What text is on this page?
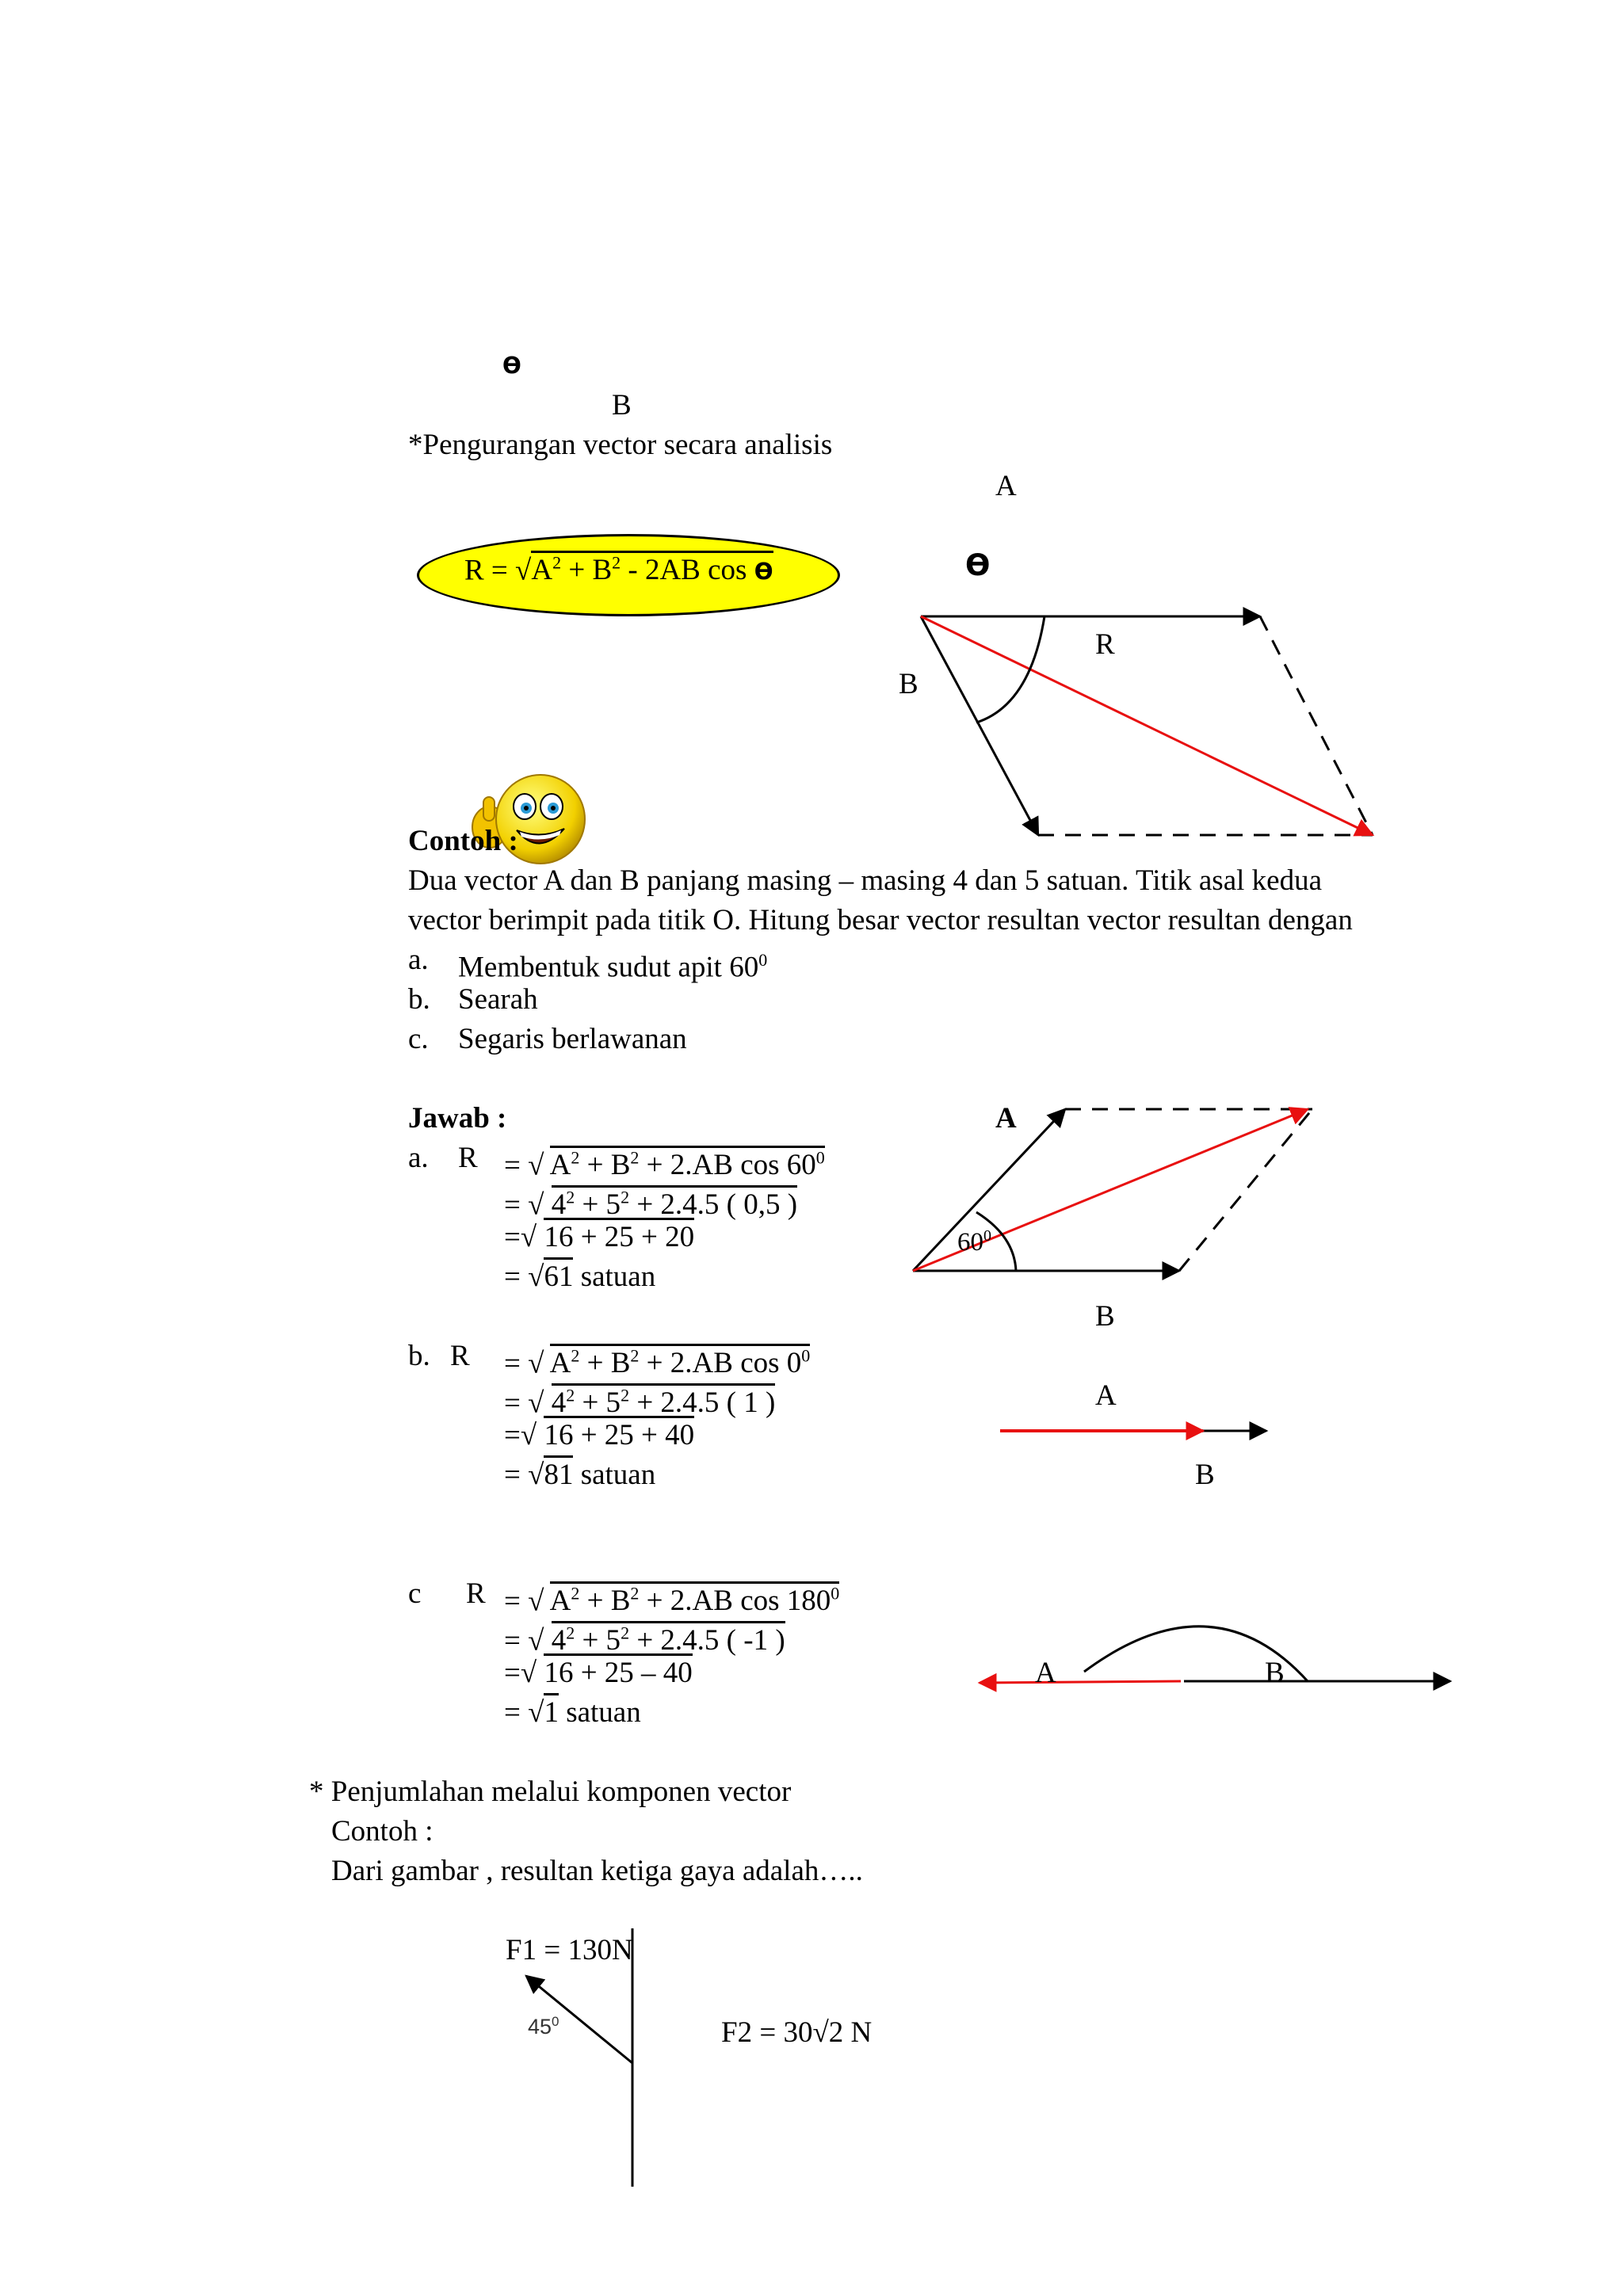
ϴ
B
*Pengurangan vector secara analisis
$R = √A^2 + B^2 - 2AB$ cos ϴ
A
ϴ
R
B
Contoh :
Dua vector A dan B panjang masing – masing 4 dan 5 satuan. Titik asal kedua
vector berimpit pada titik O. Hitung besar vector resultan vector resultan dengan
a. Membentuk sudut apit $60^0$
b. Searah
c. Segaris berlawanan
Jawab :
a. R = √ $A^2 + B^2 + 2.AB$ $\cos 60^0$
= √ $4^2 + 5^2 + 2.4.5$ ( 0,5 )
=√ 16 + 25 + 20
= √61 satuan
b. R = √ $A^2 + B^2 + 2.AB$ $\cos 0^0$
= √ $4^2 + 5^2 + 2.4.5$ ( 1 )
=√ 16 + 25 + 40
= √81 satuan
c R = √ $A^2 + B^2 + 2.AB$ $\cos 180^0$
= √ $4^2 + 5^2 + 2.4.5$ ( -1 )
=√ 16 + 25 – 40
= √1 satuan
A
$60^0$
B
A
B
A	B
* Penjumlahan melalui komponen vector
Contoh :
Dari gambar , resultan ketiga gaya adalah…..
F1 = 130N
$45^0$	F2 = 30√2 N
